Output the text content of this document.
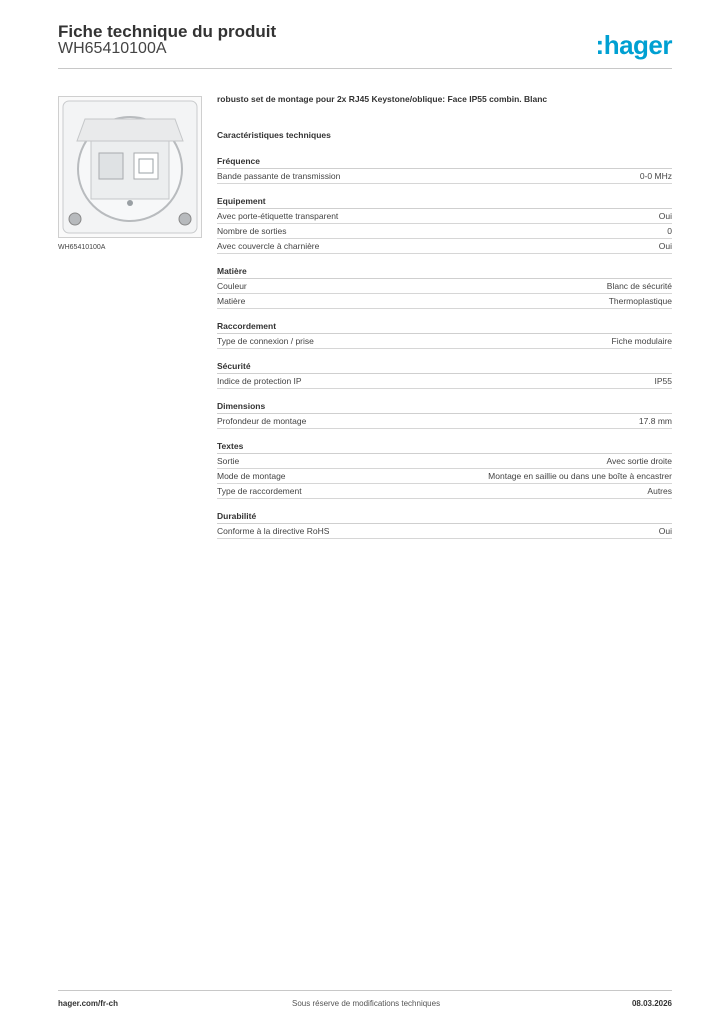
Fiche technique du produit
WH65410100A	:hager
WH65410100A
robusto set de montage pour 2x RJ45 Keystone/oblique: Face IP55 combin. Blanc
Caractéristiques techniques
Fréquence
Bande passante de transmission	0-0 MHz
Equipement
Avec porte-étiquette transparent	Oui
Nombre de sorties	0
Avec couvercle à charnière	Oui
Matière
Couleur	Blanc de sécurité
Matière	Thermoplastique
Raccordement
Type de connexion / prise	Fiche modulaire
Sécurité
Indice de protection IP	IP55
Dimensions
Profondeur de montage	17.8 mm
Textes
Sortie	Avec sortie droite
Mode de montage	Montage en saillie ou dans une boîte à encastrer
Type de raccordement	Autres
Durabilité
Conforme à la directive RoHS	Oui
hager.com/fr-ch	Sous réserve de modifications techniques	08.03.2026
